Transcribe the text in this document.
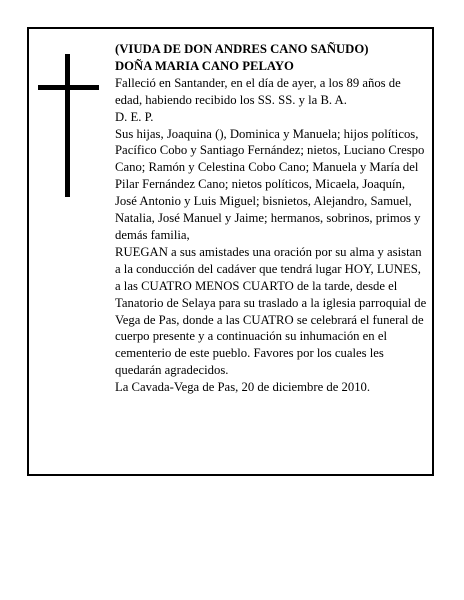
(VIUDA DE DON ANDRES CANO SAÑUDO)

DOÑA MARIA CANO PELAYO

Falleció en Santander, en el día de ayer, a los 89 años de edad, habiendo recibido los SS. SS. y la B. A.

D. E. P.

Sus hijas, Joaquina (), Dominica y Manuela; hijos políticos, Pacífico Cobo y Santiago Fernández; nietos, Luciano Crespo Cano; Ramón y Celestina Cobo Cano; Manuela y María del Pilar Fernández Cano; nietos políticos, Micaela, Joaquín, José Antonio y Luis Miguel; bisnietos, Alejandro, Samuel, Natalia, José Manuel y Jaime; hermanos, sobrinos, primos y demás familia,

RUEGAN a sus amistades una oración por su alma y asistan a la conducción del cadáver que tendrá lugar HOY, LUNES, a las CUATRO MENOS CUARTO de la tarde, desde el Tanatorio de Selaya para su traslado a la iglesia parroquial de Vega de Pas, donde a las CUATRO se celebrará el funeral de cuerpo presente y a continuación su inhumación en el cementerio de este pueblo. Favores por los cuales les quedarán agradecidos.

La Cavada-Vega de Pas, 20 de diciembre de 2010.
